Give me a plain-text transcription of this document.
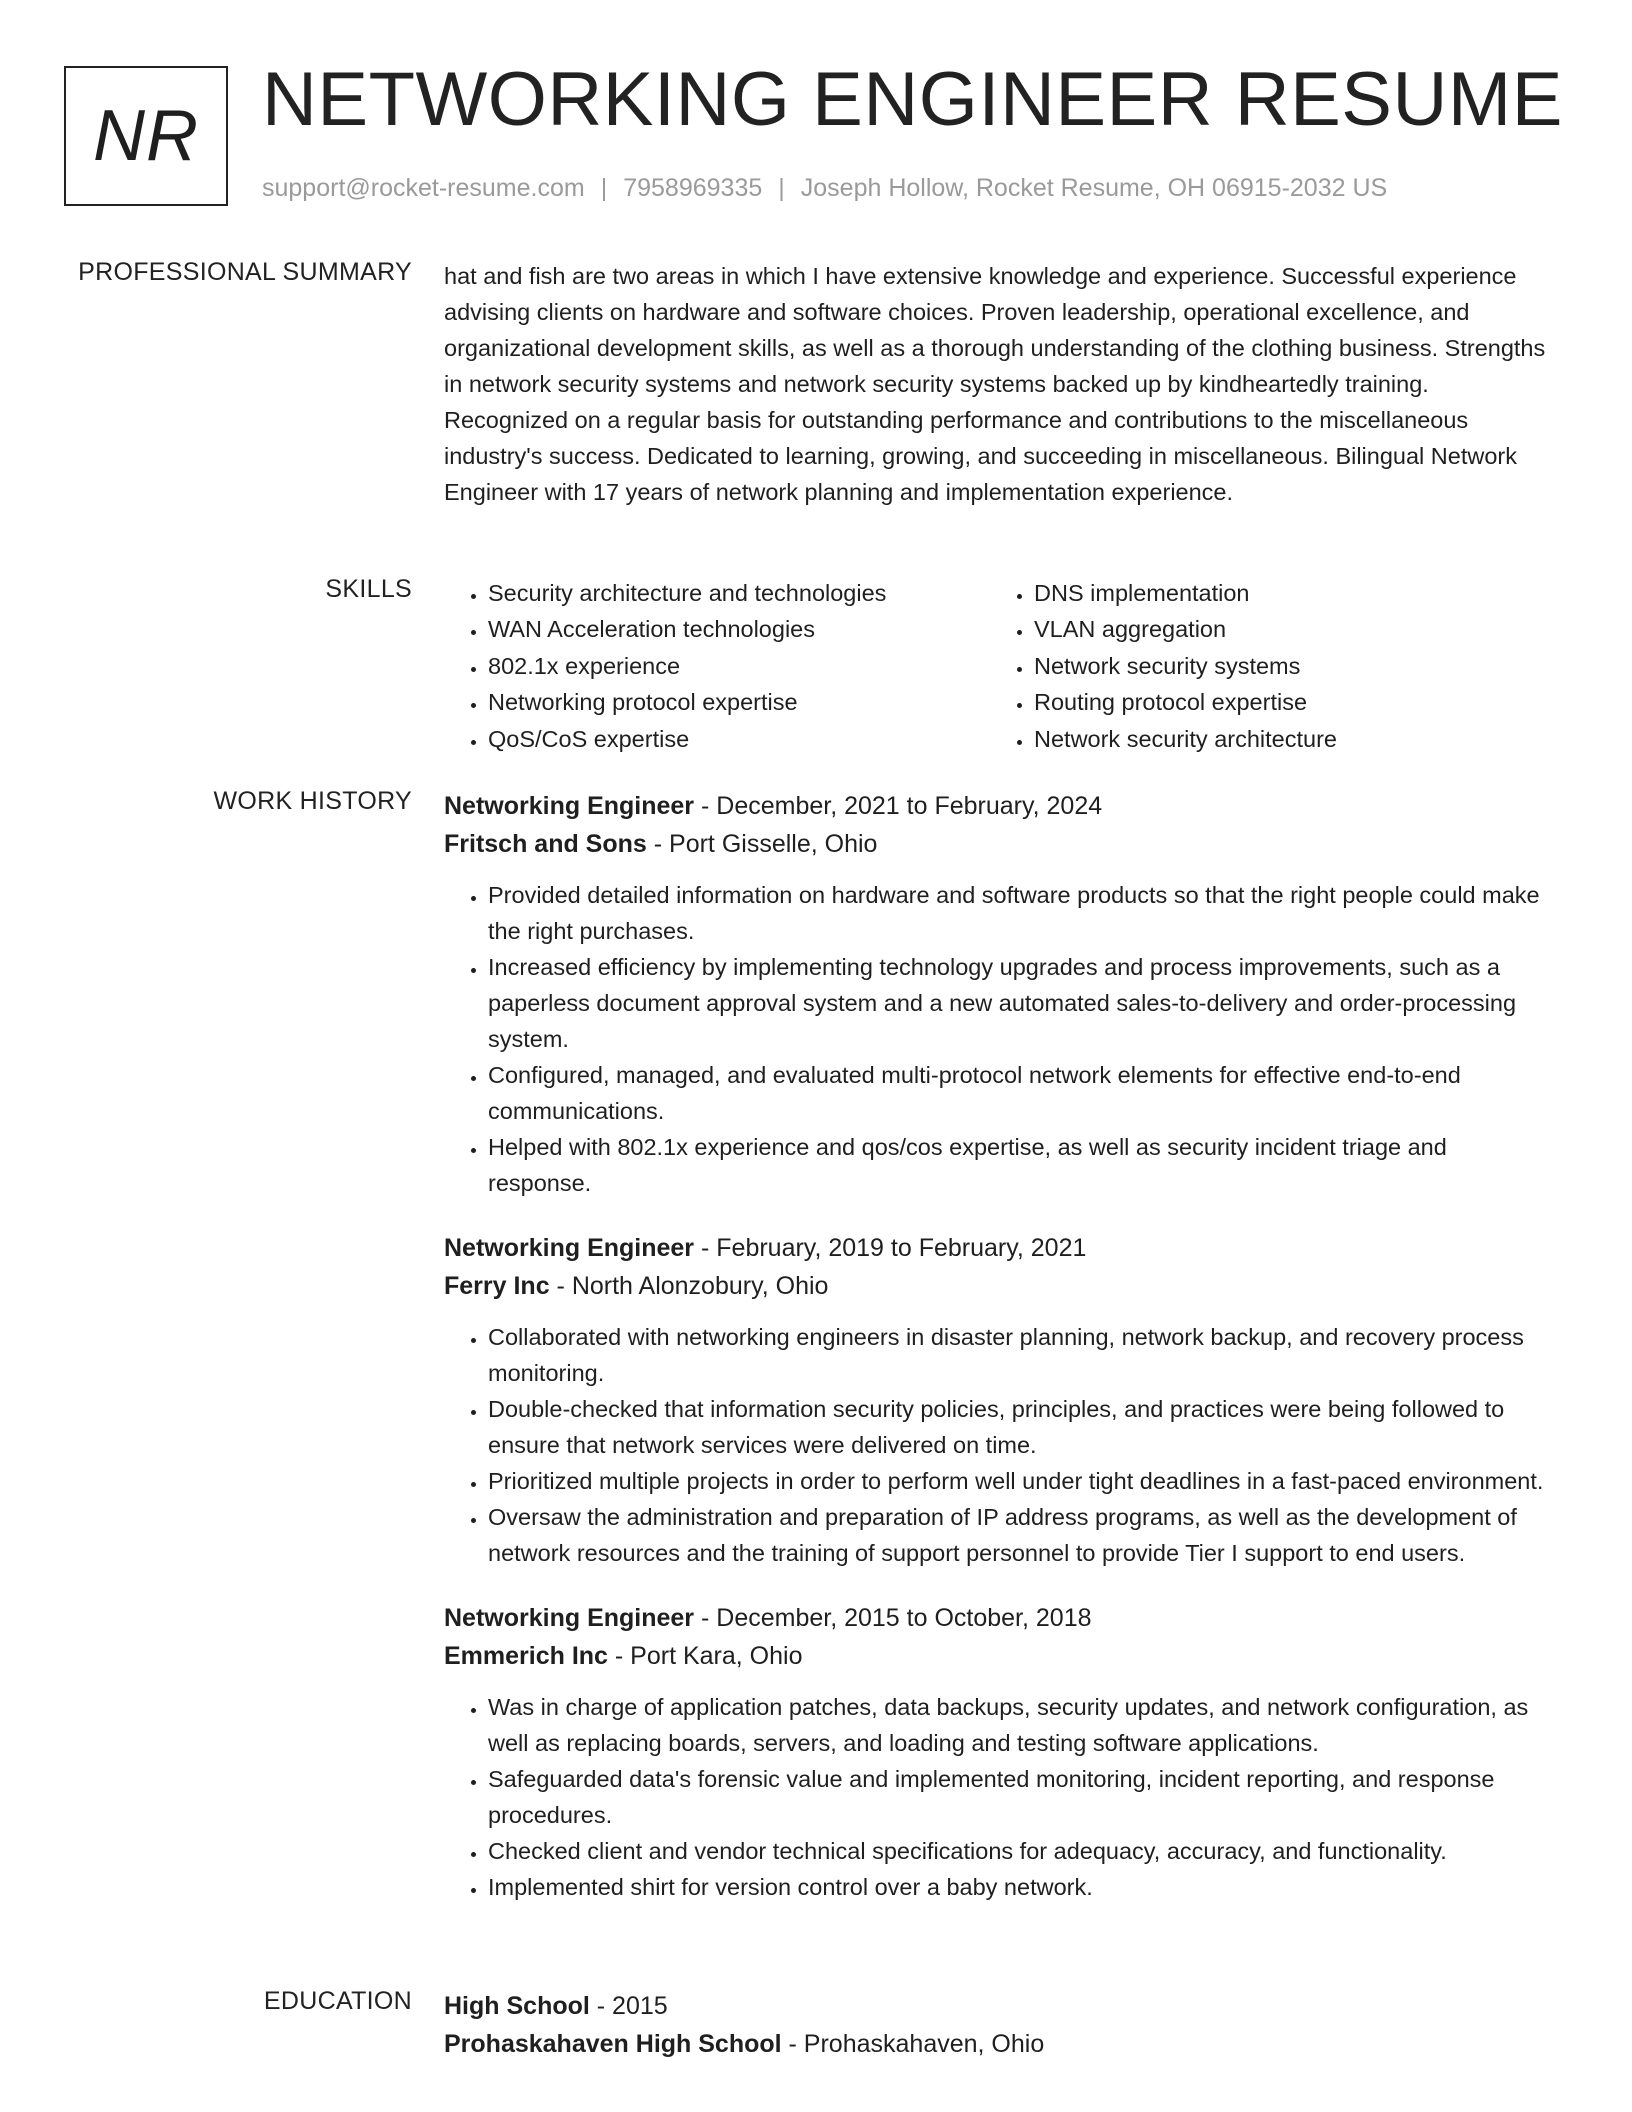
NR NETWORKING ENGINEER RESUME
support@rocket-resume.com | 7958969335 | Joseph Hollow, Rocket Resume, OH 06915-2032 US
PROFESSIONAL SUMMARY hat and fish are two areas in which I have extensive knowledge and experience. Successful experience advising clients on hardware and software choices. Proven leadership, operational excellence, and organizational development skills, as well as a thorough understanding of the clothing business. Strengths in network security systems and network security systems backed up by kindheartedly training. Recognized on a regular basis for outstanding performance and contributions to the miscellaneous industry's success. Dedicated to learning, growing, and succeeding in miscellaneous. Bilingual Network Engineer with 17 years of network planning and implementation experience.

SKILLS
•	Security architecture and technologies
• WAN Acceleration technologies
• 802.1x experience
• Networking protocol expertise
• QoS/CoS expertise
• DNS implementation
• VLAN aggregation
• Network security systems
• Routing protocol expertise
• Network security architecture
WORK HISTORY Networking Engineer - December, 2021 to February, 2024
Fritsch and Sons - Port Gisselle, Ohio
• Provided detailed information on hardware and software products so that the right people could make the right purchases.
• Increased efficiency by implementing technology upgrades and process improvements, such as a paperless document approval system and a new automated sales-to-delivery and order-processing system.
• Configured, managed, and evaluated multi-protocol network elements for effective end-to-end communications.
• Helped with 802.1x experience and qos/cos expertise, as well as security incident triage and response.
Networking Engineer - February, 2019 to February, 2021
Ferry Inc - North Alonzobury, Ohio
• Collaborated with networking engineers in disaster planning, network backup, and recovery process monitoring.
• Double-checked that information security policies, principles, and practices were being followed to ensure that network services were delivered on time.
• Prioritized multiple projects in order to perform well under tight deadlines in a fast-paced environment.
• Oversaw the administration and preparation of IP address programs, as well as the development of network resources and the training of support personnel to provide Tier I support to end users.
Networking Engineer - December, 2015 to October, 2018
Emmerich Inc - Port Kara, Ohio
• Was in charge of application patches, data backups, security updates, and network configuration, as well as replacing boards, servers, and loading and testing software applications.
• Safeguarded data's forensic value and implemented monitoring, incident reporting, and response procedures.
• Checked client and vendor technical specifications for adequacy, accuracy, and functionality.
• Implemented shirt for version control over a baby network.
EDUCATION High School - 2015
Prohaskahaven High School - Prohaskahaven, Ohio
